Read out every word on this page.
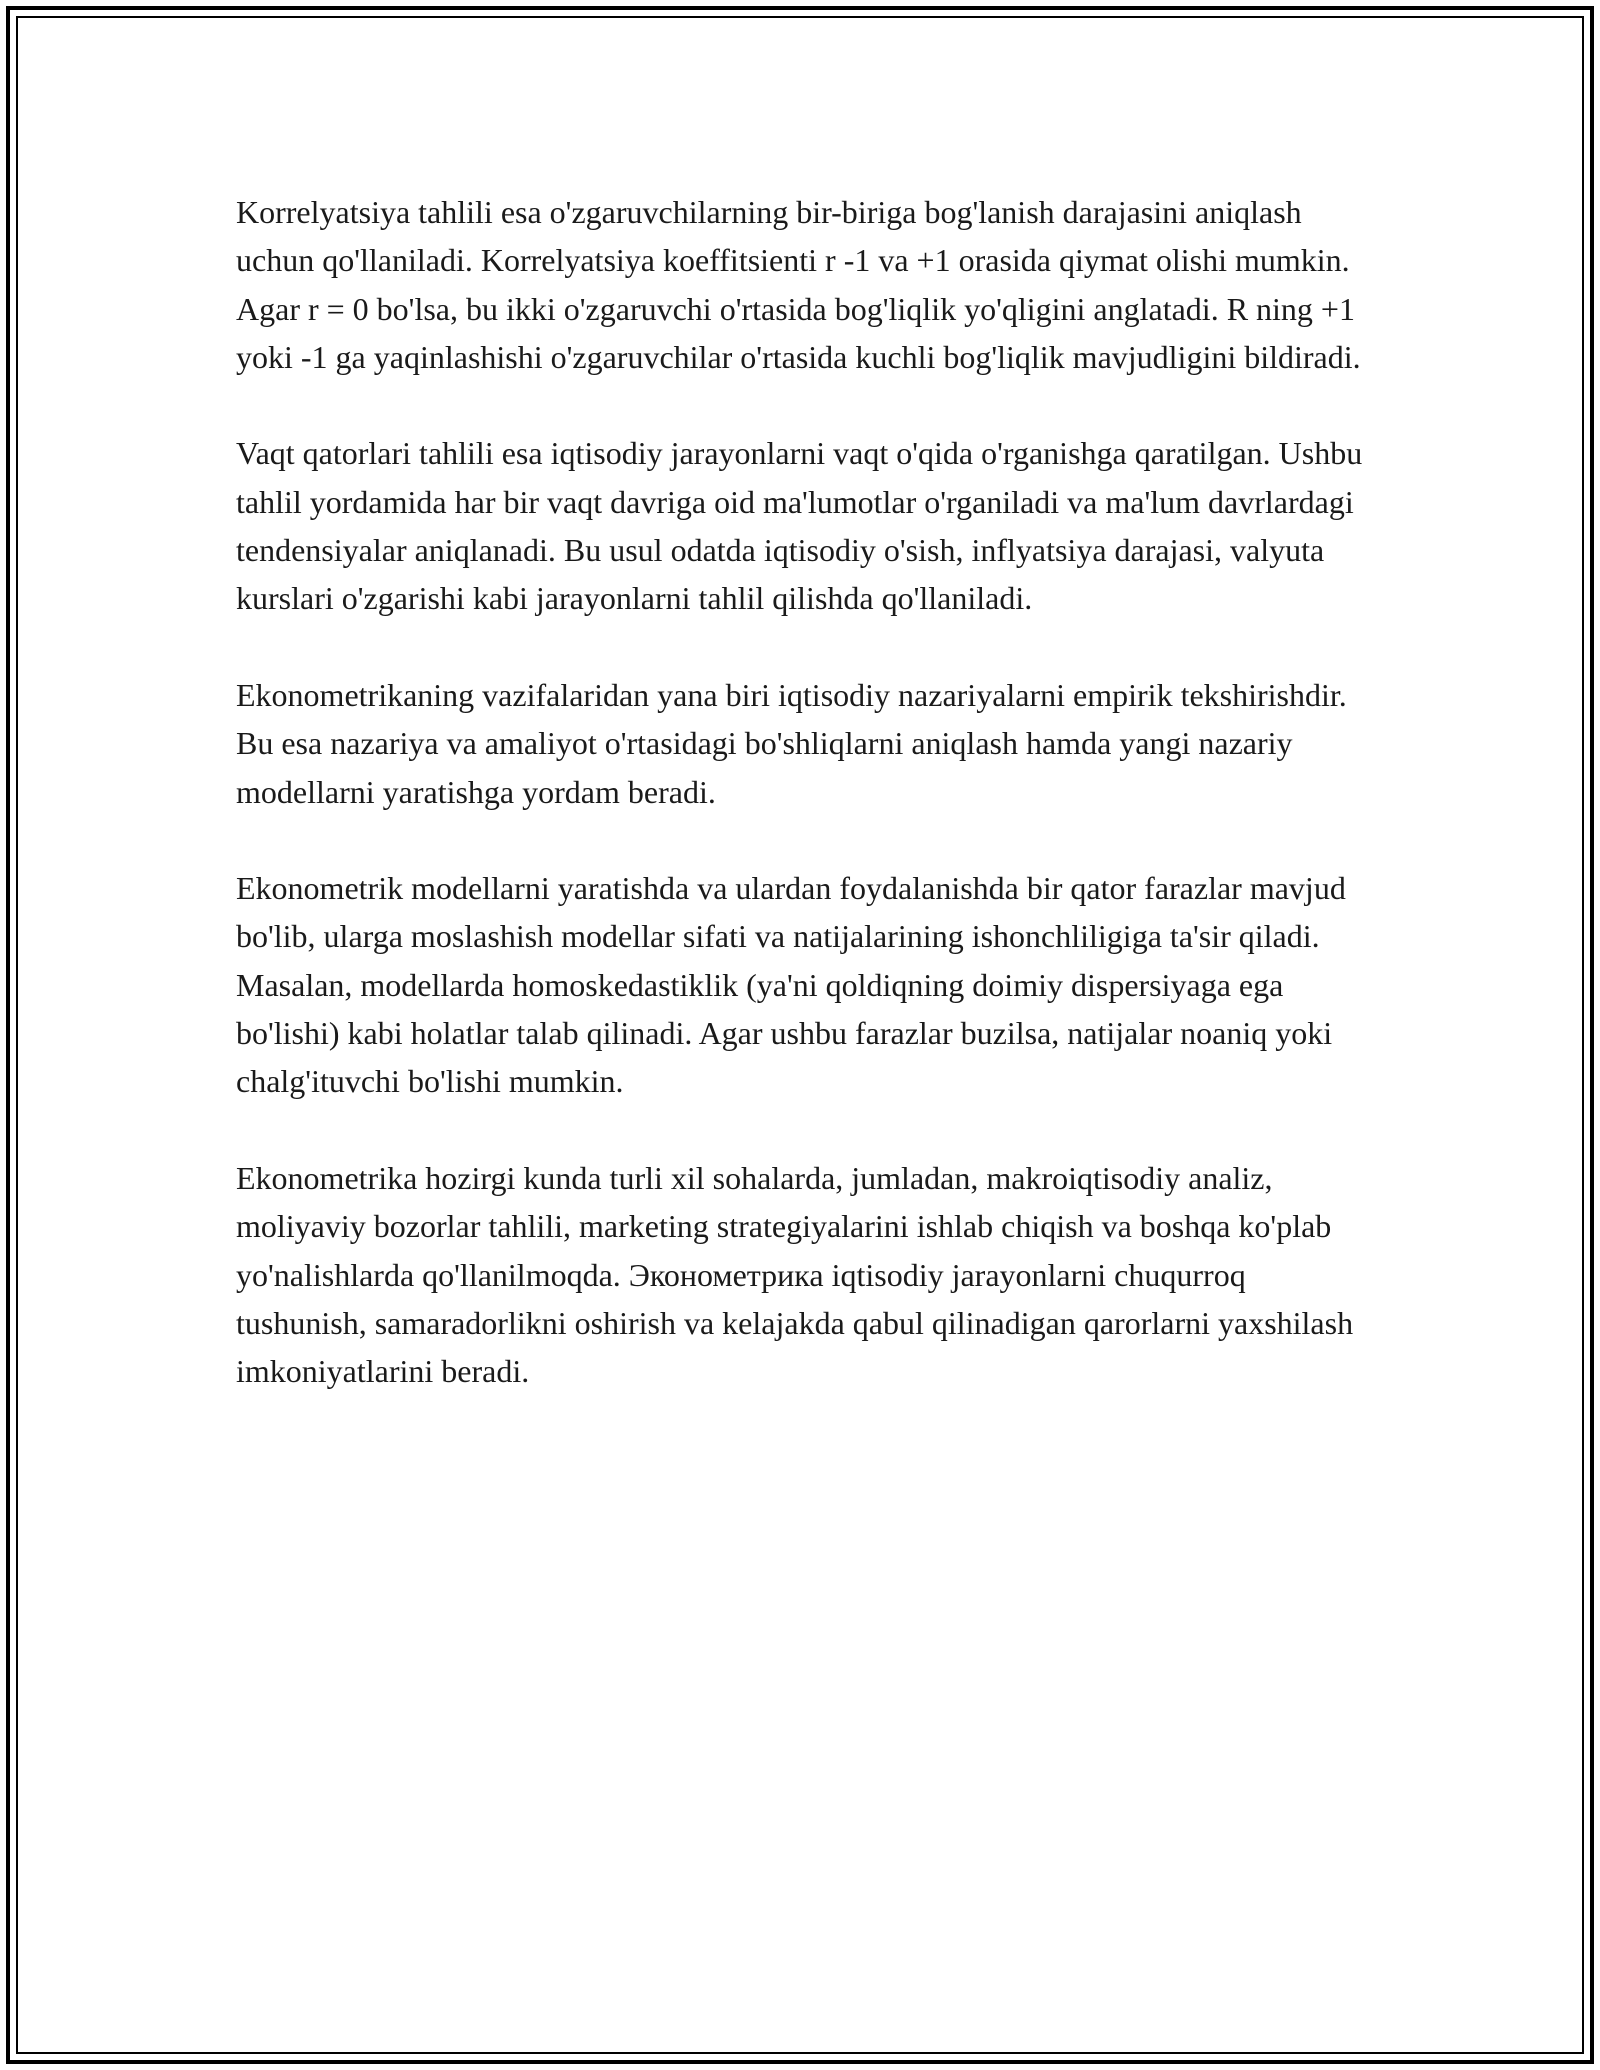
Korrelyatsiya tahlili esa o'zgaruvchilarning bir-biriga bog'lanish darajasini aniqlash uchun qo'llaniladi. Korrelyatsiya koeffitsienti r -1 va +1 orasida qiymat olishi mumkin. Agar r = 0 bo'lsa, bu ikki o'zgaruvchi o'rtasida bog'liqlik yo'qligini anglatadi. R ning +1 yoki -1 ga yaqinlashishi o'zgaruvchilar o'rtasida kuchli bog'liqlik mavjudligini bildiradi.

Vaqt qatorlari tahlili esa iqtisodiy jarayonlarni vaqt o'qida o'rganishga qaratilgan. Ushbu tahlil yordamida har bir vaqt davriga oid ma'lumotlar o'rganiladi va ma'lum davrlardagi tendensiyalar aniqlanadi. Bu usul odatda iqtisodiy o'sish, inflyatsiya darajasi, valyuta kurslari o'zgarishi kabi jarayonlarni tahlil qilishda qo'llaniladi.

Ekonometrikaning vazifalaridan yana biri iqtisodiy nazariyalarni empirik tekshirishdir. Bu esa nazariya va amaliyot o'rtasidagi bo'shliqlarni aniqlash hamda yangi nazariy modellarni yaratishga yordam beradi.

Ekonometrik modellarni yaratishda va ulardan foydalanishda bir qator farazlar mavjud bo'lib, ularga moslashish modellar sifati va natijalarining ishonchliligiga ta'sir qiladi. Masalan, modellarda homoskedastiklik (ya'ni qoldiqning doimiy dispersiyaga ega bo'lishi) kabi holatlar talab qilinadi. Agar ushbu farazlar buzilsa, natijalar noaniq yoki chalg'ituvchi bo'lishi mumkin.

Ekonometrika hozirgi kunda turli xil sohalarda, jumladan, makroiqtisodiy analiz, moliyaviy bozorlar tahlili, marketing strategiyalarini ishlab chiqish va boshqa ko'plab yo'nalishlarda qo'llanilmoqda. Эконометрика iqtisodiy jarayonlarni chuqurroq tushunish, samaradorlikni oshirish va kelajakda qabul qilinadigan qarorlarni yaxshilash imkoniyatlarini beradi.
